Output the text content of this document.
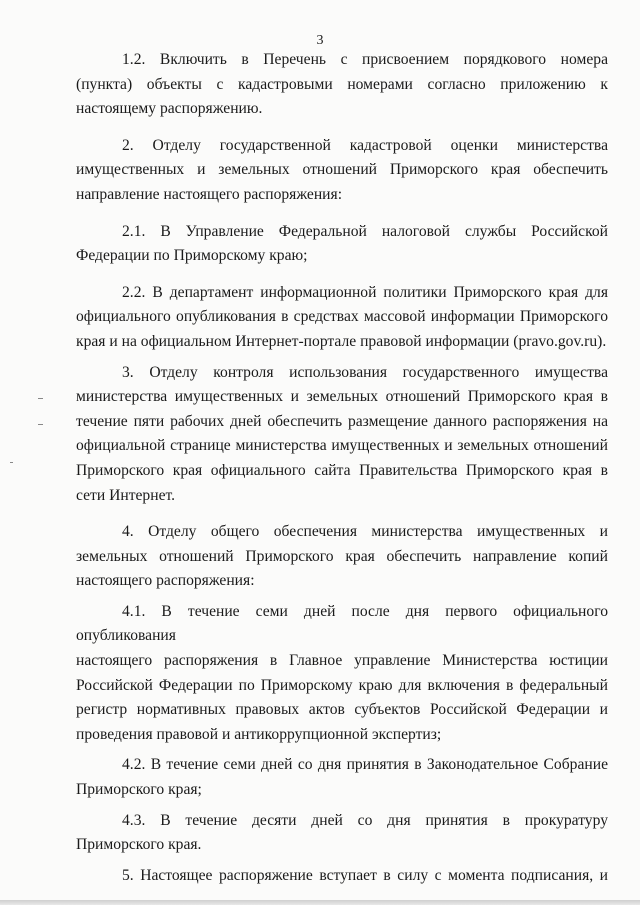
3
1.2. Включить в Перечень с присвоением порядкового номера
(пункта) объекты с кадастровыми номерами согласно приложению к
настоящему распоряжению.
2. Отделу государственной кадастровой оценки министерства
имущественных и земельных отношений Приморского края обеспечить
направление настоящего распоряжения:
2.1. В Управление Федеральной налоговой службы Российской
Федерации по Приморскому краю;
2.2. В департамент информационной политики Приморского края для
официального опубликования в средствах массовой информации Приморского
края и на официальном Интернет-портале правовой информации (pravo.gov.ru).
3. Отделу контроля использования государственного имущества
министерства имущественных и земельных отношений Приморского края в
течение пяти рабочих дней обеспечить размещение данного распоряжения на
официальной странице министерства имущественных и земельных отношений
Приморского края официального сайта Правительства Приморского края в
сети Интернет.
4. Отделу общего обеспечения министерства имущественных и
земельных отношений Приморского края обеспечить направление копий
настоящего распоряжения:
4.1. В течение семи дней после дня первого официального опубликования
настоящего распоряжения в Главное управление Министерства юстиции
Российской Федерации по Приморскому краю для включения в федеральный
регистр нормативных правовых актов субъектов Российской Федерации и
проведения правовой и антикоррупционной экспертиз;
4.2. В течение семи дней со дня принятия в Законодательное Собрание
Приморского края;
4.3. В течение десяти дней со дня принятия в прокуратуру
Приморского края.
5. Настоящее распоряжение вступает в силу с момента подписания, и
